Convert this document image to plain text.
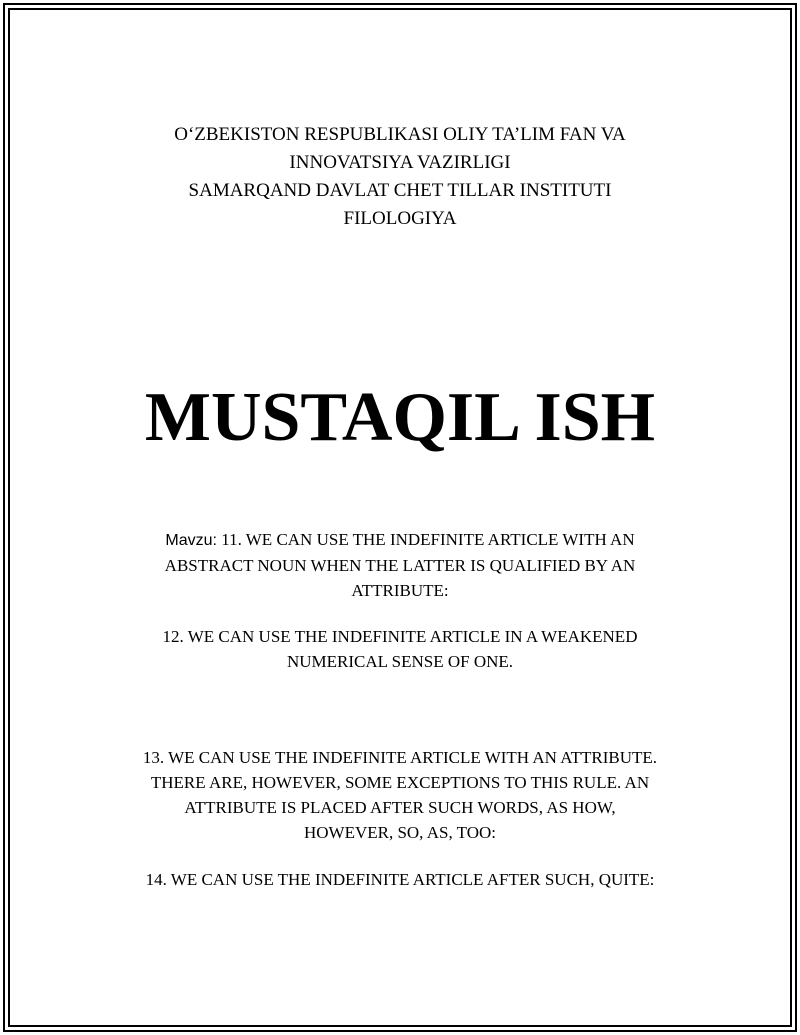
O‘ZBEKISTON RESPUBLIKASI OLIY TA’LIM FAN VA
INNOVATSIYA VAZIRLIGI
SAMARQAND DAVLAT CHET TILLAR INSTITUTI
FILOLOGIYA
MUSTAQIL ISH
Mavzu: 11. WE CAN USE THE INDEFINITE ARTICLE WITH AN
ABSTRACT NOUN WHEN THE LATTER IS QUALIFIED BY AN
ATTRIBUTE:
12. WE CAN USE THE INDEFINITE ARTICLE IN A WEAKENED
NUMERICAL SENSE OF ONE.
13. WE CAN USE THE INDEFINITE ARTICLE WITH AN ATTRIBUTE.
THERE ARE, HOWEVER, SOME EXCEPTIONS TO THIS RULE. AN
ATTRIBUTE IS PLACED AFTER SUCH WORDS, AS HOW,
HOWEVER, SO, AS, TOO:
14. WE CAN USE THE INDEFINITE ARTICLE AFTER SUCH, QUITE:
